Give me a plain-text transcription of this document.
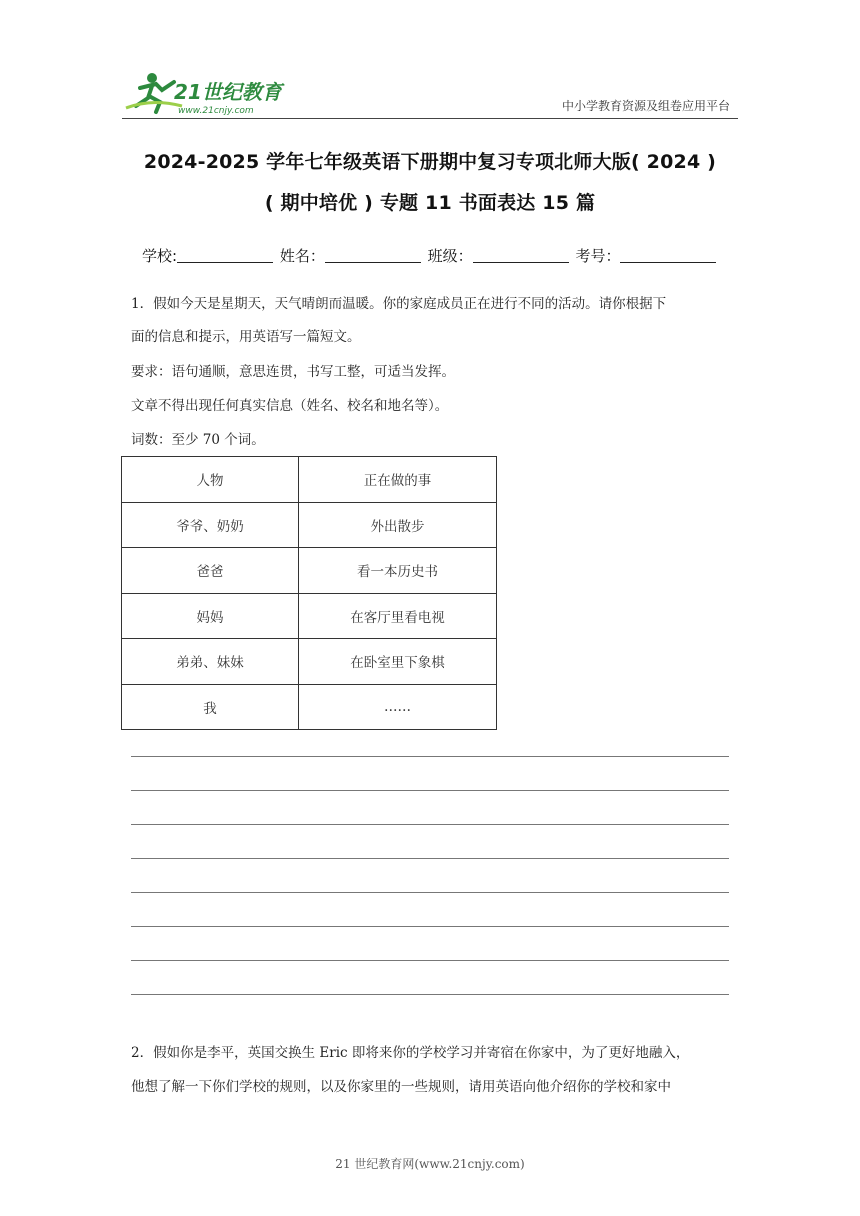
21世纪教育
www.21cnjy.com	中小学教育资源及组卷应用平台
2024-2025 学年七年级英语下册期中复习专项北师大版( 2024 )
( 期中培优 ) 专题 11 书面表达 15 篇
学校:	姓名：	班级：	考号：
1．假如今天是星期天，天气晴朗而温暖。你的家庭成员正在进行不同的活动。请你根据下
面的信息和提示，用英语写一篇短文。
要求：语句通顺，意思连贯，书写工整，可适当发挥。
文章不得出现任何真实信息（姓名、校名和地名等）。
词数：至少 70 个词。
人物	正在做的事
爷爷、奶奶	外出散步
爸爸	看一本历史书
妈妈	在客厅里看电视
弟弟、妹妹	在卧室里下象棋
我	……
2．假如你是李平，英国交换生 Eric 即将来你的学校学习并寄宿在你家中，为了更好地融入，
他想了解一下你们学校的规则，以及你家里的一些规则，请用英语向他介绍你的学校和家中
21 世纪教育网(www.21cnjy.com)
